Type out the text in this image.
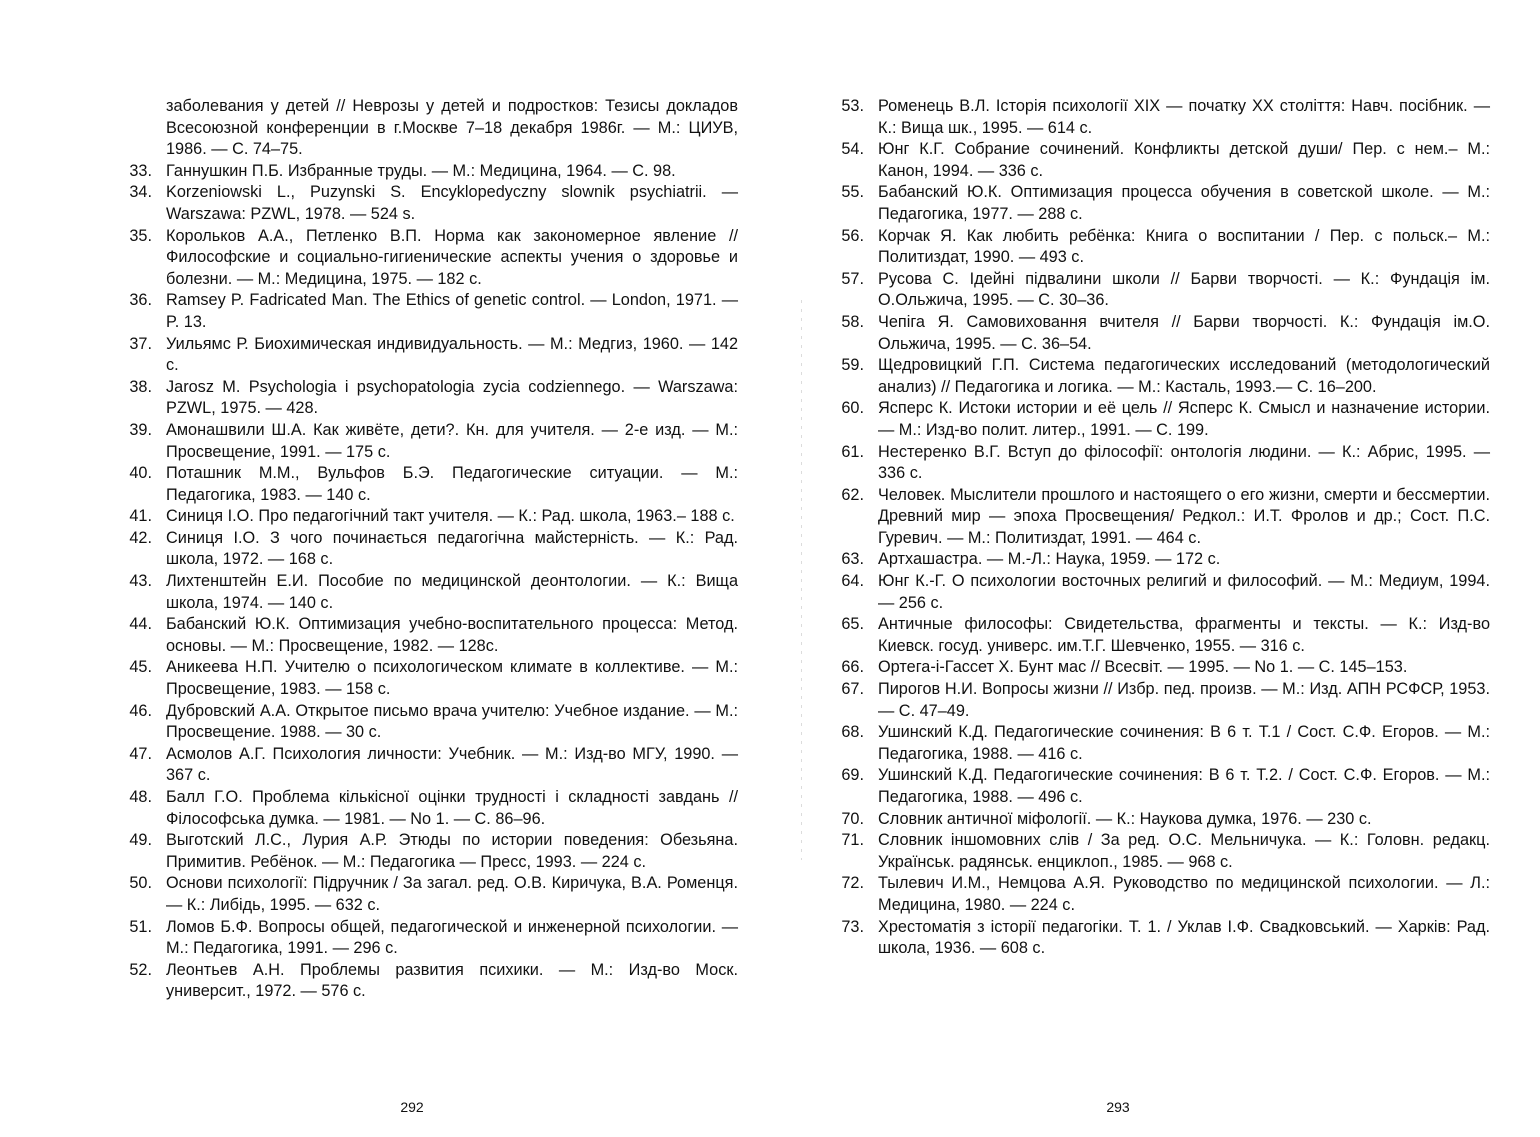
заболевания у детей // Неврозы у детей и подростков: Тезисы докладов Всесоюзной конференции в г.Москве 7–18 декабря 1986г. — М.: ЦИУВ, 1986. — С. 74–75.
33. Ганнушкин П.Б. Избранные труды. — М.: Медицина, 1964. — С. 98.
34. Korzeniowski L., Puzynski S. Encyklopedyczny slownik psychiatrii. — Warszawa: PZWL, 1978. — 524 s.
35. Корольков А.А., Петленко В.П. Норма как закономерное явление // Философские и социально-гигиенические аспекты учения о здоровье и болезни. — М.: Медицина, 1975. — 182 с.
36. Ramsey P. Fadricated Man. The Ethics of genetic control. — London, 1971. — P. 13.
37. Уильямс Р. Биохимическая индивидуальность. — М.: Медгиз, 1960. — 142 с.
38. Jarosz M. Psychologia i psychopatologia zycia codziennego. — Warszawa: PZWL, 1975. — 428.
39. Амонашвили Ш.А. Как живёте, дети?. Кн. для учителя. — 2-е изд. — М.: Просвещение, 1991. — 175 с.
40. Поташник М.М., Вульфов Б.Э. Педагогические ситуации. — М.: Педагогика, 1983. — 140 с.
41. Синиця І.О. Про педагогічний такт учителя. — К.: Рад. школа, 1963.– 188 с.
42. Синиця І.О. З чого починається педагогічна майстерність. — К.: Рад. школа, 1972. — 168 с.
43. Лихтенштейн Е.И. Пособие по медицинской деонтологии. — К.: Вища школа, 1974. — 140 с.
44. Бабанский Ю.К. Оптимизация учебно-воспитательного процесса: Метод. основы. — М.: Просвещение, 1982. — 128с.
45. Аникеева Н.П. Учителю о психологическом климате в коллективе. — М.: Просвещение, 1983. — 158 с.
46. Дубровский А.А. Открытое письмо врача учителю: Учебное издание. — М.: Просвещение. 1988. — 30 с.
47. Асмолов А.Г. Психология личности: Учебник. — М.: Изд-во МГУ, 1990. — 367 с.
48. Балл Г.О. Проблема кількісної оцінки трудності і складності завдань // Філософська думка. — 1981. — No 1. — С. 86–96.
49. Выготский Л.С., Лурия А.Р. Этюды по истории поведения: Обезьяна. Примитив. Ребёнок. — М.: Педагогика — Пресс, 1993. — 224 с.
50. Основи психології: Підручник / За загал. ред. О.В. Киричука, В.А. Роменця. — К.: Либідь, 1995. — 632 с.
51. Ломов Б.Ф. Вопросы общей, педагогической и инженерной психологии. — М.: Педагогика, 1991. — 296 с.
52. Леонтьев А.Н. Проблемы развития психики. — М.: Изд-во Моск. университ., 1972. — 576 с.
292
53. Роменець В.Л. Історія психології XIX — початку XX століття: Навч. посібник. — К.: Вища шк., 1995. — 614 с.
54. Юнг К.Г. Собрание сочинений. Конфликты детской души/ Пер. с нем.– М.: Канон, 1994. — 336 с.
55. Бабанский Ю.К. Оптимизация процесса обучения в советской школе. — М.: Педагогика, 1977. — 288 с.
56. Корчак Я. Как любить ребёнка: Книга о воспитании / Пер. с польск.– М.: Политиздат, 1990. — 493 с.
57. Русова С. Ідейні підвалини школи // Барви творчості. — К.: Фундація ім. О.Ольжича, 1995. — С. 30–36.
58. Чепіга Я. Самовиховання вчителя // Барви творчості. К.: Фундація ім.О. Ольжича, 1995. — С. 36–54.
59. Щедровицкий Г.П. Система педагогических исследований (методологический анализ) // Педагогика и логика. — М.: Касталь, 1993.— С. 16–200.
60. Ясперс К. Истоки истории и её цель // Ясперс К. Смысл и назначение истории. — М.: Изд-во полит. литер., 1991. — С. 199.
61. Нестеренко В.Г. Вступ до філософії: онтологія людини. — К.: Абрис, 1995. — 336 с.
62. Человек. Мыслители прошлого и настоящего о его жизни, смерти и бессмертии. Древний мир — эпоха Просвещения/ Редкол.: И.Т. Фролов и др.; Сост. П.С. Гуревич. — М.: Политиздат, 1991. — 464 с.
63. Артхашастра. — М.-Л.: Наука, 1959. — 172 с.
64. Юнг К.-Г. О психологии восточных религий и философий. — М.: Медиум, 1994. — 256 с.
65. Античные философы: Свидетельства, фрагменты и тексты. — К.: Изд-во Киевск. госуд. универс. им.Т.Г. Шевченко, 1955. — 316 с.
66. Ортега-і-Гассет Х. Бунт мас // Всесвіт. — 1995. — No 1. — С. 145–153.
67. Пирогов Н.И. Вопросы жизни // Избр. пед. произв. — М.: Изд. АПН РСФСР, 1953. — С. 47–49.
68. Ушинский К.Д. Педагогические сочинения: В 6 т. Т.1 / Сост. С.Ф. Егоров. — М.: Педагогика, 1988. — 416 с.
69. Ушинский К.Д. Педагогические сочинения: В 6 т. Т.2. / Сост. С.Ф. Егоров. — М.: Педагогика, 1988. — 496 с.
70. Словник античної міфології. — К.: Наукова думка, 1976. — 230 с.
71. Словник іншомовних слів / За ред. О.С. Мельничука. — К.: Головн. редакц. Українськ. радянськ. енциклоп., 1985. — 968 с.
72. Тылевич И.М., Немцова А.Я. Руководство по медицинской психологии. — Л.: Медицина, 1980. — 224 с.
73. Хрестоматія з історії педагогіки. Т. 1. / Уклав І.Ф. Свадковський. — Харків: Рад. школа, 1936. — 608 с.
293
